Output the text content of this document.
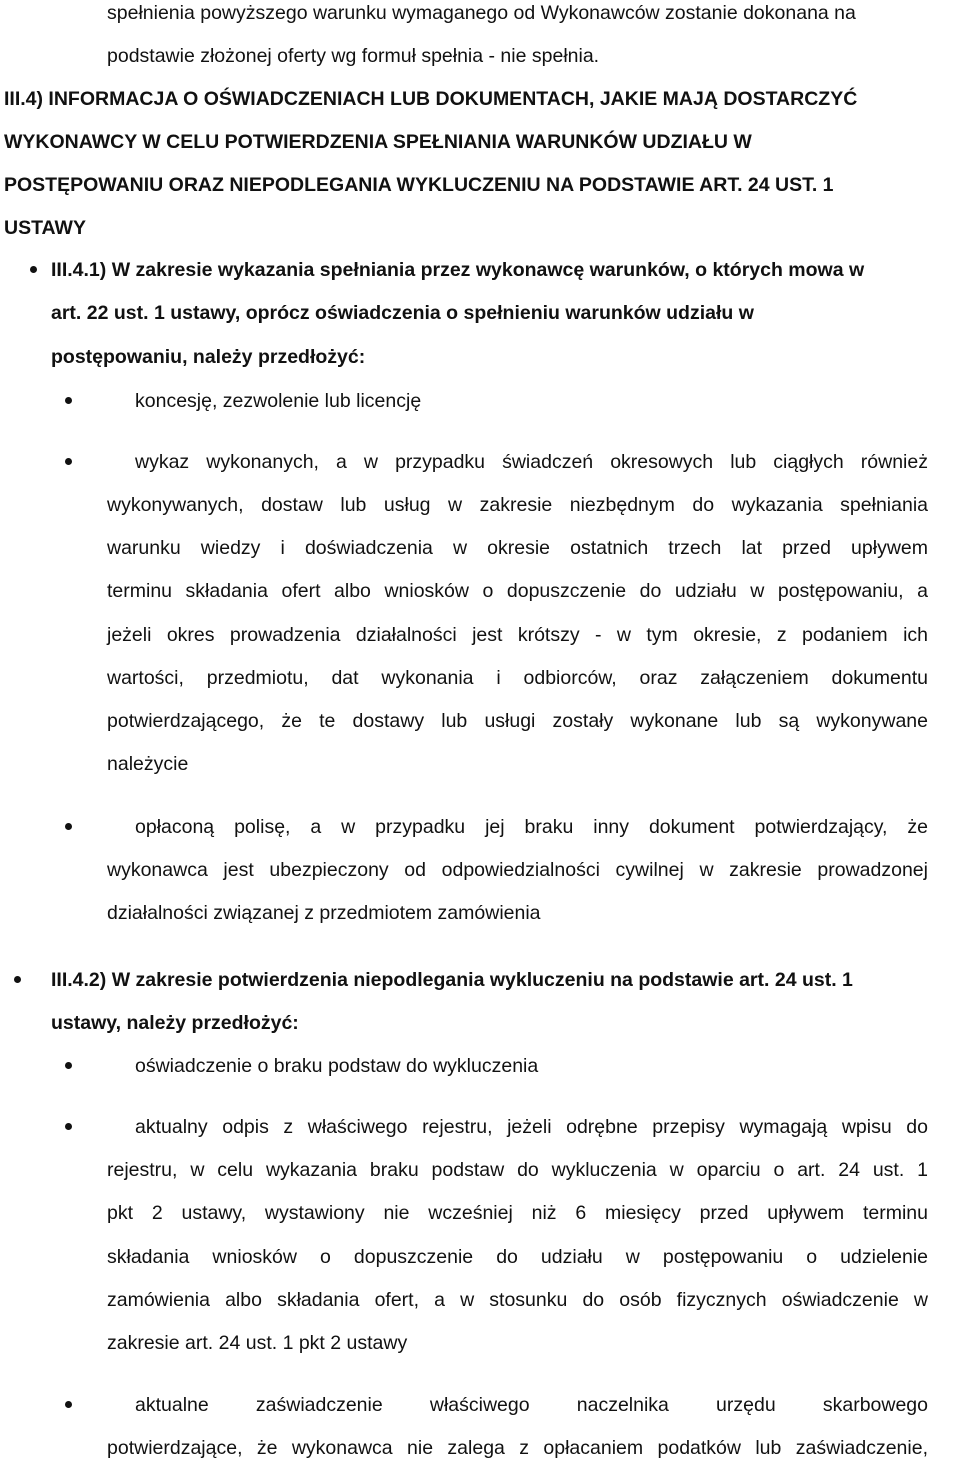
spełnienia powyższego warunku wymaganego od Wykonawców zostanie dokonana na
podstawie złożonej oferty wg formuł spełnia - nie spełnia.
III.4) INFORMACJA O OŚWIADCZENIACH LUB DOKUMENTACH, JAKIE MAJĄ DOSTARCZYĆ
WYKONAWCY W CELU POTWIERDZENIA SPEŁNIANIA WARUNKÓW UDZIAŁU W
POSTĘPOWANIU ORAZ NIEPODLEGANIA WYKLUCZENIU NA PODSTAWIE ART. 24 UST. 1
USTAWY
III.4.1) W zakresie wykazania spełniania przez wykonawcę warunków, o których mowa w
art. 22 ust. 1 ustawy, oprócz oświadczenia o spełnieniu warunków udziału w
postępowaniu, należy przedłożyć:
koncesję, zezwolenie lub licencję
wykaz wykonanych, a w przypadku świadczeń okresowych lub ciągłych również
wykonywanych, dostaw lub usług w zakresie niezbędnym do wykazania spełniania
warunku wiedzy i doświadczenia w okresie ostatnich trzech lat przed upływem
terminu składania ofert albo wniosków o dopuszczenie do udziału w postępowaniu, a
jeżeli okres prowadzenia działalności jest krótszy - w tym okresie, z podaniem ich
wartości, przedmiotu, dat wykonania i odbiorców, oraz załączeniem dokumentu
potwierdzającego, że te dostawy lub usługi zostały wykonane lub są wykonywane
należycie
opłaconą polisę, a w przypadku jej braku inny dokument potwierdzający, że
wykonawca jest ubezpieczony od odpowiedzialności cywilnej w zakresie prowadzonej
działalności związanej z przedmiotem zamówienia
III.4.2) W zakresie potwierdzenia niepodlegania wykluczeniu na podstawie art. 24 ust. 1
ustawy, należy przedłożyć:
oświadczenie o braku podstaw do wykluczenia
aktualny odpis z właściwego rejestru, jeżeli odrębne przepisy wymagają wpisu do
rejestru, w celu wykazania braku podstaw do wykluczenia w oparciu o art. 24 ust. 1
pkt 2 ustawy, wystawiony nie wcześniej niż 6 miesięcy przed upływem terminu
składania wniosków o dopuszczenie do udziału w postępowaniu o udzielenie
zamówienia albo składania ofert, a w stosunku do osób fizycznych oświadczenie w
zakresie art. 24 ust. 1 pkt 2 ustawy
aktualne zaświadczenie właściwego naczelnika urzędu skarbowego
potwierdzające, że wykonawca nie zalega z opłacaniem podatków lub zaświadczenie,
